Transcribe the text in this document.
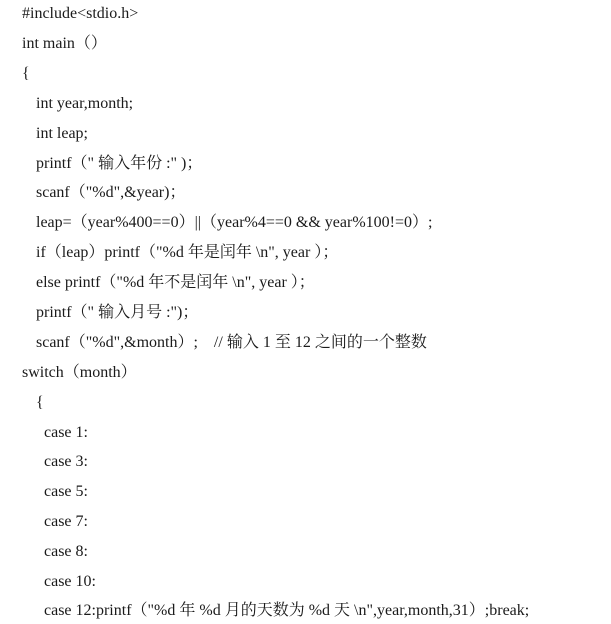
#include<stdio.h>
int main（）
{
int year,month;
int leap;
printf（" 输入年份 :" )；
scanf（"%d",&year)；
leap=（year%400==0）||（year%4==0 && year%100!=0）;
if（leap）printf（"%d 年是闰年 \n", year ）；
else printf（"%d 年不是闰年 \n", year ）；
printf（" 输入月号 :")；
scanf（"%d",&month）;    // 输入 1 至 12 之间的一个整数
switch（month）
{
case 1:
case 3:
case 5:
case 7:
case 8:
case 10:
case 12:printf（"%d 年 %d 月的天数为 %d 天 \n",year,month,31）;break;
